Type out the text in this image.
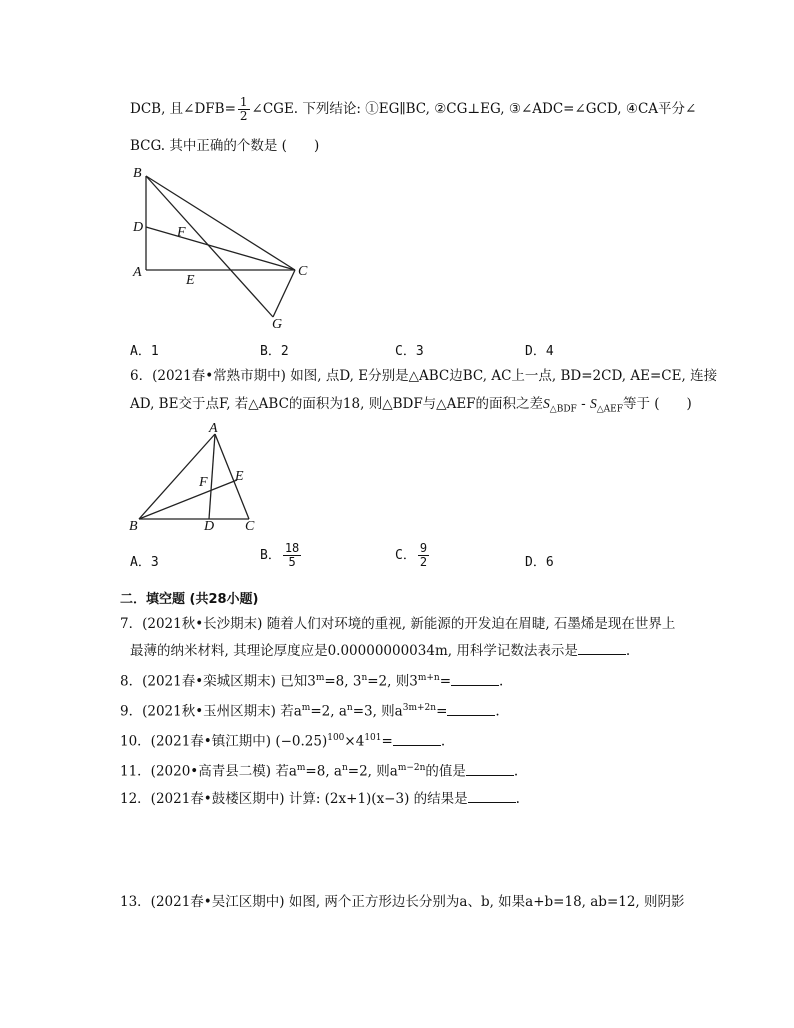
DCB, 且∠DFB= $\frac{1}{2}$ ∠CGE. 下列结论: ①EG∥BC, ②CG⊥EG, ③∠ADC=∠GCD, ④CA平分∠
BCG. 其中正确的个数是 (　　)
B
D F
A
E
C
G
A．1	B．2	C．3	D．4
6．(2021春•常熟市期中) 如图, 点D, E分别是△ABC边BC, AC上一点, BD=2CD, AE=CE, 连接
AD, BE交于点F, 若△ABC的面积为18, 则△BDF与△AEF的面积之差$S_{\triangle BDF} - S_{\triangle AEF}$等于 (　　)
A
E
F
B	D C
A．3	B． $\frac{18}{5}$	C． $\frac{9}{2}$	D．6
二．填空题 (共28小题)
7．(2021秋•长沙期末) 随着人们对环境的重视, 新能源的开发迫在眉睫, 石墨烯是现在世界上
最薄的纳米材料, 其理论厚度应是0.00000000034m, 用科学记数法表示是	.
8．(2021春•栾城区期末) 已知$3^m=8$, $3^n=2$, 则$3^{m+n}=$	.
9．(2021秋•玉州区期末) 若$a^m=2$, $a^n=3$, 则$a^{3m+2n}=$	.
10．(2021春•镇江期中) $(-0.25)^{100}\times 4^{101}=$	.
11．(2020•高青县二模) 若$a^m=8$, $a^n=2$, 则$a^{m-2n}$的值是	.
12．(2021春•鼓楼区期中) 计算: (2x+1)(x−3) 的结果是	.
13．(2021春•吴江区期中) 如图, 两个正方形边长分别为a、b, 如果a+b=18, ab=12, 则阴影
